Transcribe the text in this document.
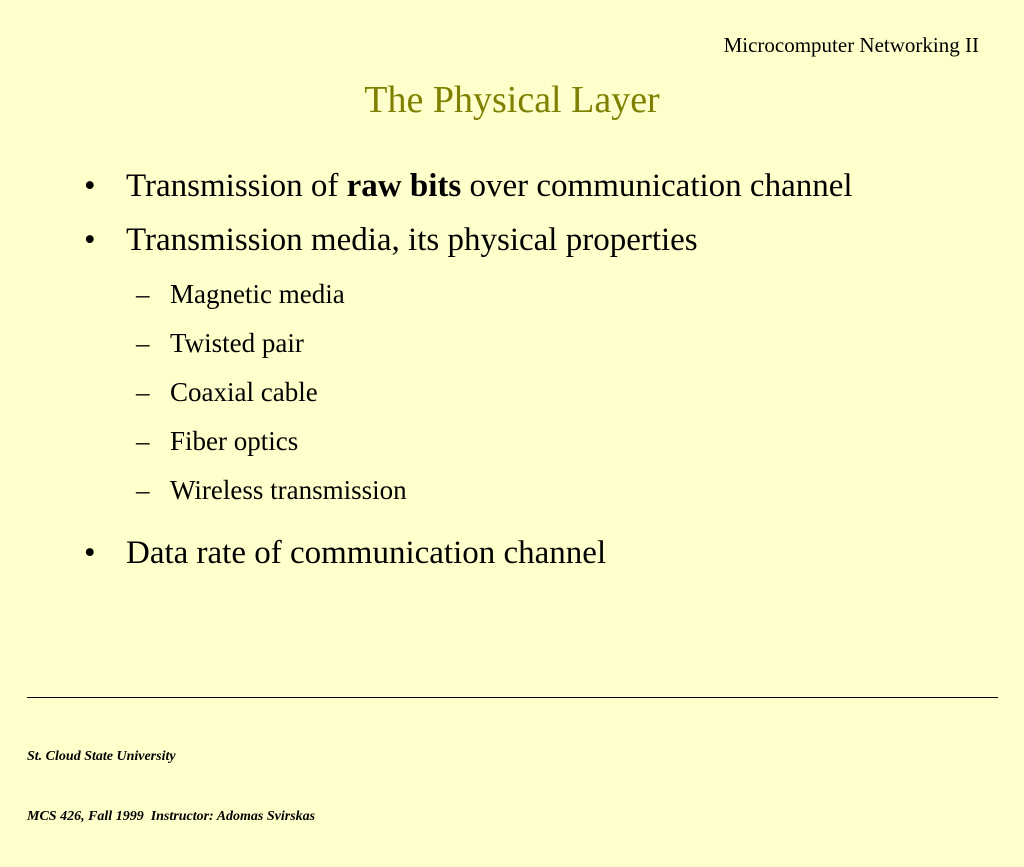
Microcomputer Networking II
The Physical Layer
• Transmission of raw bits over communication channel
• Transmission media, its physical properties
– Magnetic media
– Twisted pair
– Coaxial cable
– Fiber optics
– Wireless transmission
• Data rate of communication channel

St. Cloud State University

MCS 426, Fall 1999  Instructor: Adomas Svirskas
